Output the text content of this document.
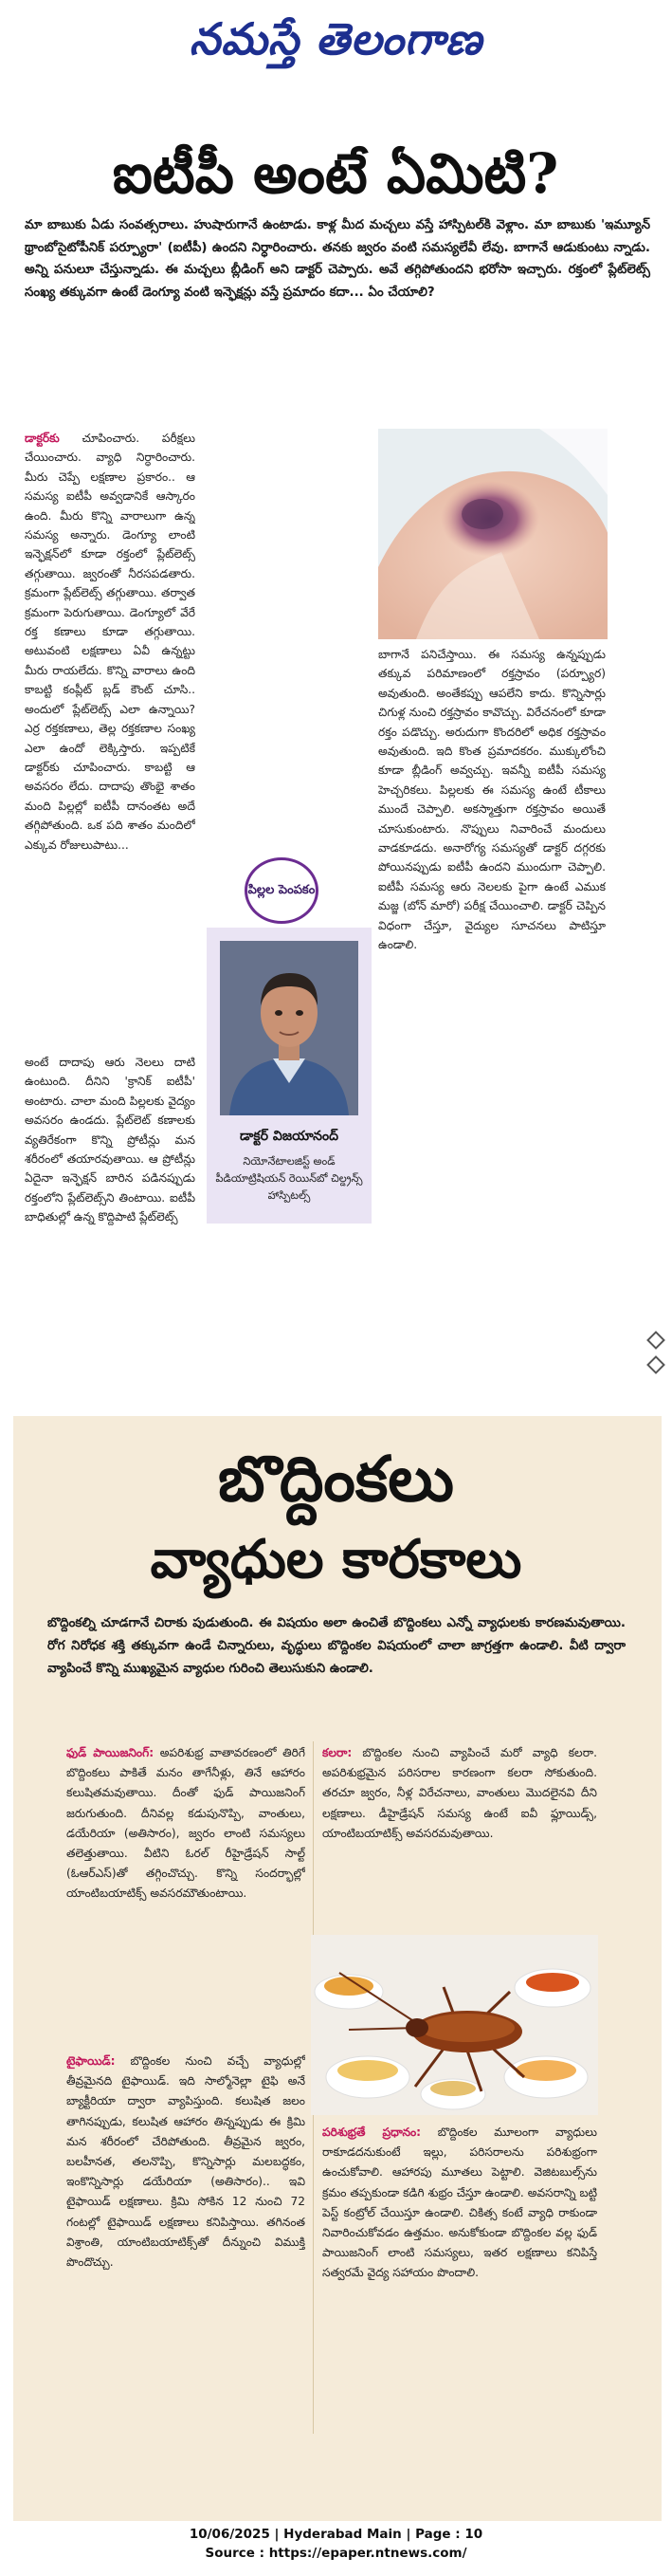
నమస్తే తెలంగాణ
ఐటీపీ అంటే ఏమిటి?

మా బాబుకు ఏడు సంవత్సరాలు. హుషారుగానే ఉంటాడు. కాళ్ల మీద మచ్చలు వస్తే హాస్పిటల్‌కి వెళ్లాం. మా బాబుకు 'ఇమ్యూన్ థ్రాంబోసైటోపీనిక్ పర్ప్యూరా' (ఐటీపీ) ఉందని నిర్ధారించారు. తనకు జ్వరం వంటి సమస్యలేవీ లేవు. బాగానే ఆడుకుంటు న్నాడు. అన్ని పనులూ చేస్తున్నాడు. ఈ మచ్చలు బ్లీడింగ్ అని డాక్టర్ చెప్పారు. అవే తగ్గిపోతుందని భరోసా ఇచ్చారు. రక్తంలో ప్లేట్‌లెట్స్ సంఖ్య తక్కువగా ఉంటే డెంగ్యూ వంటి ఇన్ఫెక్షన్లు వస్తే ప్రమాదం కదా... ఏం చేయాలి?

డాక్టర్‌కు చూపించారు. పరీక్షలు చేయించారు. వ్యాధి నిర్ధారించారు. మీరు చెప్పే లక్షణాల ప్రకారం.. ఆ సమస్య ఐటీపీ అవ్వడానికే ఆస్కారం ఉంది. మీరు కొన్ని వారాలుగా ఉన్న సమస్య అన్నారు. డెంగ్యూ లాంటి ఇన్ఫెక్షన్‌లో కూడా రక్తంలో ప్లేట్‌లెట్స్ తగ్గుతాయి. జ్వరంతో నీరసపడతారు. క్రమంగా ప్లేట్‌లెట్స్ తగ్గుతాయి. తర్వాత క్రమంగా పెరుగుతాయి. డెంగ్యూలో వేరే రక్త కణాలు కూడా తగ్గుతాయి. అటువంటి లక్షణాలు ఏవీ ఉన్నట్టు మీరు రాయలేదు. కొన్ని వారాలు ఉంది కాబట్టి కంప్లీట్ బ్లడ్ కౌంట్ చూసి.. అందులో ప్లేట్‌లెట్స్ ఎలా ఉన్నాయి? ఎర్ర రక్తకణాలు, తెల్ల రక్తకణాల సంఖ్య ఎలా ఉందో లెక్కిస్తారు. ఇప్పటికే డాక్టర్‌కు చూపించారు. కాబట్టి ఆ అవసరం లేదు. దాదాపు తొంభై శాతం మంది పిల్లల్లో ఐటీపీ దానంతట అదే తగ్గిపోతుంది. ఒక పది శాతం మందిలో ఎక్కువ రోజులుపాటు...
బాగానే పనిచేస్తాయి. ఈ సమస్య ఉన్నప్పుడు తక్కువ పరిమాణంలో రక్తస్రావం (పర్ప్యూర) అవుతుంది. అంతేకప్పు ఆపలేని కాదు. కొన్నిసార్లు చిగుళ్ల నుంచి రక్తస్రావం కావొచ్చు. విరేచనంలో కూడా రక్తం పడొచ్చు. అరుదుగా కొందరిలో అధిక రక్తస్రావం అవుతుంది. ఇది కొంత ప్రమాదకరం. ముక్కులోంచి కూడా బ్లీడింగ్ అవ్వచ్చు. ఇవన్నీ ఐటీపీ సమస్య హెచ్చరికలు. పిల్లలకు ఈ సమస్య ఉంటే టీకాలు ముందే చెప్పాలి. అకస్మాత్తుగా రక్తస్రావం అయితే చూసుకుంటారు. నొప్పులు నివారించే మందులు వాడకూడదు. అనారోగ్య సమస్యతో డాక్టర్ దగ్గరకు పోయినప్పుడు ఐటీపీ ఉందని ముందుగా చెప్పాలి. ఐటీపీ సమస్య ఆరు నెలలకు పైగా ఉంటే ఎముక మజ్జ (బోన్ మారో) పరీక్ష చేయించాలి. డాక్టర్ చెప్పిన విధంగా చేస్తూ, వైద్యుల సూచనలు పాటిస్తూ ఉండాలి.
పిల్లల పెంపకం
డాక్టర్ విజయానంద్
నియోనేటాలజిస్ట్ అండ్ పీడియాట్రిషియన్ రెయిన్‌బో చిల్డ్రన్స్ హాస్పిటల్స్
అంటే దాదాపు ఆరు నెలలు దాటి ఉంటుంది. దీనిని 'క్రానిక్ ఐటీపీ' అంటారు. చాలా మంది పిల్లలకు వైద్యం అవసరం ఉండదు. ప్లేట్‌లెట్ కణాలకు వ్యతిరేకంగా కొన్ని ప్రోటీన్లు మన శరీరంలో తయారవుతాయి. ఆ ప్రోటీన్లు ఏదైనా ఇన్ఫెక్షన్ బారిన పడినప్పుడు రక్తంలోని ప్లేట్‌లెట్స్‌ని తింటాయి. ఐటీపీ బాధితుల్లో ఉన్న కొద్దిపాటి ప్లేట్‌లెట్స్
బొద్దింకలు
వ్యాధుల కారకాలు

బొద్దింకల్ని చూడగానే చిరాకు పుడుతుంది. ఈ విషయం అలా ఉంచితే బొద్దింకలు ఎన్నో వ్యాధులకు కారణమవుతాయి. రోగ నిరోధక శక్తి తక్కువగా ఉండే చిన్నారులు, వృద్ధులు బొద్దింకల విషయంలో చాలా జాగ్రత్తగా ఉండాలి. వీటి ద్వారా వ్యాపించే కొన్ని ముఖ్యమైన వ్యాధుల గురించి తెలుసుకుని ఉండాలి.

ఫుడ్ పాయిజనింగ్: అపరిశుభ్ర వాతావరణంలో తిరిగే బొద్దింకలు పాకితే మనం తాగేనీళ్లు, తినే ఆహారం కలుషితమవుతాయి. దీంతో ఫుడ్ పాయిజనింగ్ జరుగుతుంది. దీనివల్ల కడుపునొప్పి, వాంతులు, డయేరియా (అతిసారం), జ్వరం లాంటి సమస్యలు తలెత్తుతాయి. వీటిని ఓరల్ రీహైడ్రేషన్ సాల్ట్ (ఓఆర్‌ఎస్)తో తగ్గించొచ్చు. కొన్ని సందర్భాల్లో యాంటిబయాటిక్స్ అవసరమౌతుంటాయి.
టైఫాయిడ్: బొద్దింకల నుంచి వచ్చే వ్యాధుల్లో తీవ్రమైనది టైఫాయిడ్. ఇది సాల్మోనెల్లా టైఫి అనే బ్యాక్టీరియా ద్వారా వ్యాపిస్తుంది. కలుషిత జలం తాగినప్పుడు, కలుషిత ఆహారం తిన్నప్పుడు ఈ క్రిమి మన శరీరంలో చేరిపోతుంది. తీవ్రమైన జ్వరం, బలహీనత, తలనొప్పి, కొన్నిసార్లు మలబద్ధకం, ఇంకొన్నిసార్లు డయేరియా (అతిసారం).. ఇవి టైఫాయిడ్ లక్షణాలు. క్రిమి సోకిన 12 నుంచి 72 గంటల్లో టైఫాయిడ్ లక్షణాలు కనిపిస్తాయి. తగినంత విశ్రాంతి, యాంటిబయాటిక్స్‌తో దీన్నుంచి విముక్తి పొందొచ్చు.
కలరా: బొద్దింకల నుంచి వ్యాపించే మరో వ్యాధి కలరా. అపరిశుభ్రమైన పరిసరాల కారణంగా కలరా సోకుతుంది. తరచూ జ్వరం, నీళ్ల విరేచనాలు, వాంతులు మొదలైనవి దీని లక్షణాలు. డీహైడ్రేషన్ సమస్య ఉంటే ఐవీ ఫ్లూయిడ్స్, యాంటిబయాటిక్స్ అవసరమవుతాయి.
పరిశుభ్రతే ప్రధానం: బొద్దింకల మూలంగా వ్యాధులు రాకూడదనుకుంటే ఇల్లు, పరిసరాలను పరిశుభ్రంగా ఉంచుకోవాలి. ఆహారపు మూతలు పెట్టాలి. వెజిటబుల్స్‌ను క్రమం తప్పకుండా కడిగి శుభ్రం చేస్తూ ఉండాలి. అవసరాన్ని బట్టి పెస్ట్ కంట్రోల్ చేయిస్తూ ఉండాలి. చికిత్స కంటే వ్యాధి రాకుండా నివారించుకోవడం ఉత్తమం. అనుకోకుండా బొద్దింకల వల్ల ఫుడ్ పాయిజనింగ్ లాంటి సమస్యలు, ఇతర లక్షణాలు కనిపిస్తే సత్వరమే వైద్య సహాయం పొందాలి.
10/06/2025 | Hyderabad Main | Page : 10
Source : https://epaper.ntnews.com/
